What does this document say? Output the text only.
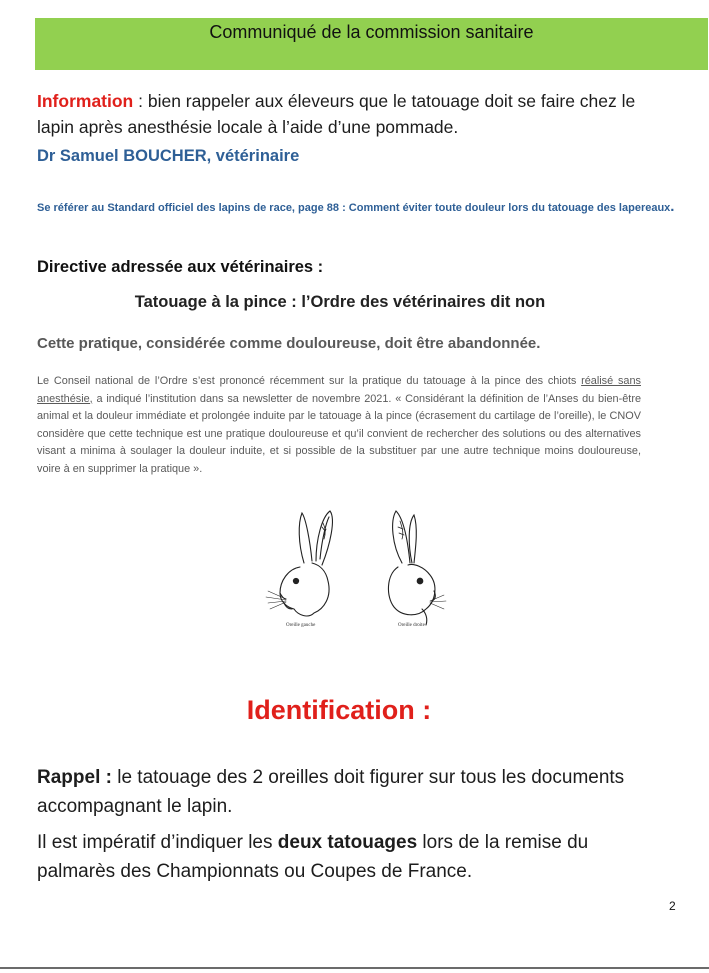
Communiqué de la commission sanitaire
Information : bien rappeler aux éleveurs que le tatouage doit se faire chez le lapin après anesthésie locale à l’aide d’une pommade.
Dr Samuel BOUCHER, vétérinaire
Se référer au Standard officiel des lapins de race, page 88 : Comment éviter toute douleur lors du tatouage des lapereaux.
Directive adressée aux vétérinaires :
Tatouage à la pince : l’Ordre des vétérinaires dit non
Cette pratique, considérée comme douloureuse, doit être abandonnée.
Le Conseil national de l’Ordre s’est prononcé récemment sur la pratique du tatouage à la pince des chiots réalisé sans anesthésie, a indiqué l’institution dans sa newsletter de novembre 2021. « Considérant la définition de l’Anses du bien-être animal et la douleur immédiate et prolongée induite par le tatouage à la pince (écrasement du cartilage de l’oreille), le CNOV considère que cette technique est une pratique douloureuse et qu’il convient de rechercher des solutions ou des alternatives visant a minima à soulager la douleur induite, et si possible de la substituer par une autre technique moins douloureuse, voire à en supprimer la pratique ».
Oreille gauche	Oreille droite
Identification :
Rappel : le tatouage des 2 oreilles doit figurer sur tous les documents accompagnant le lapin.
Il est impératif d’indiquer les deux tatouages lors de la remise du palmarès des Championnats ou Coupes de France.
2
